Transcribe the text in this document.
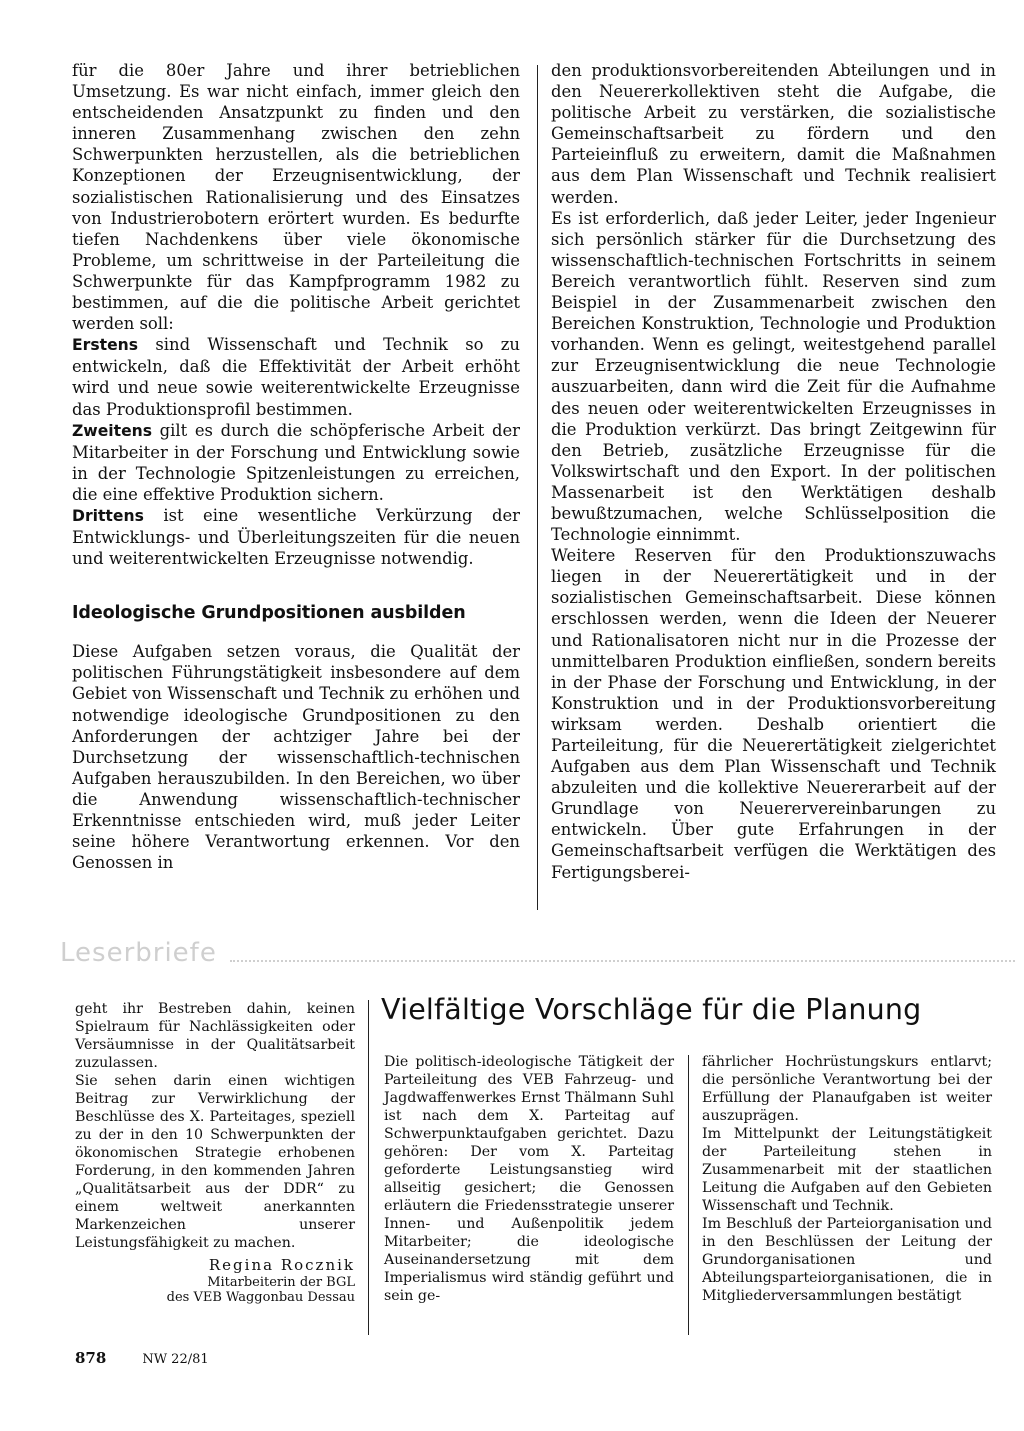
für die 80er Jahre und ihrer betrieblichen Umsetzung. Es war nicht einfach, immer gleich den entscheidenden Ansatzpunkt zu finden und den inneren Zusammenhang zwischen den zehn Schwerpunkten herzustellen, als die betrieblichen Konzeptionen der Erzeugnisentwicklung, der sozialistischen Rationalisierung und des Einsatzes von Industrierobotern erörtert wurden. Es bedurfte tiefen Nachdenkens über viele ökonomische Probleme, um schrittweise in der Parteileitung die Schwerpunkte für das Kampfprogramm 1982 zu bestimmen, auf die die politische Arbeit gerichtet werden soll:

Erstens sind Wissenschaft und Technik so zu entwickeln, daß die Effektivität der Arbeit erhöht wird und neue sowie weiterentwickelte Erzeugnisse das Produktionsprofil bestimmen.

Zweitens gilt es durch die schöpferische Arbeit der Mitarbeiter in der Forschung und Entwicklung sowie in der Technologie Spitzenleistungen zu erreichen, die eine effektive Produktion sichern.

Drittens ist eine wesentliche Verkürzung der Entwicklungs- und Überleitungszeiten für die neuen und weiterentwickelten Erzeugnisse notwendig.

Ideologische Grundpositionen ausbilden

Diese Aufgaben setzen voraus, die Qualität der politischen Führungstätigkeit insbesondere auf dem Gebiet von Wissenschaft und Technik zu erhöhen und notwendige ideologische Grundpositionen zu den Anforderungen der achtziger Jahre bei der Durchsetzung der wissenschaftlich-technischen Aufgaben herauszubilden. In den Bereichen, wo über die Anwendung wissenschaftlich-technischer Erkenntnisse entschieden wird, muß jeder Leiter seine höhere Verantwortung erkennen. Vor den Genossen in

den produktionsvorbereitenden Abteilungen und in den Neuererkollektiven steht die Aufgabe, die politische Arbeit zu verstärken, die sozialistische Gemeinschaftsarbeit zu fördern und den Parteieinfluß zu erweitern, damit die Maßnahmen aus dem Plan Wissenschaft und Technik realisiert werden.

Es ist erforderlich, daß jeder Leiter, jeder Ingenieur sich persönlich stärker für die Durchsetzung des wissenschaftlich-technischen Fortschritts in seinem Bereich verantwortlich fühlt. Reserven sind zum Beispiel in der Zusammenarbeit zwischen den Bereichen Konstruktion, Technologie und Produktion vorhanden. Wenn es gelingt, weitestgehend parallel zur Erzeugnisentwicklung die neue Technologie auszuarbeiten, dann wird die Zeit für die Aufnahme des neuen oder weiterentwickelten Erzeugnisses in die Produktion verkürzt. Das bringt Zeitgewinn für den Betrieb, zusätzliche Erzeugnisse für die Volkswirtschaft und den Export. In der politischen Massenarbeit ist den Werktätigen deshalb bewußtzumachen, welche Schlüsselposition die Technologie einnimmt.

Weitere Reserven für den Produktionszuwachs liegen in der Neuerertätigkeit und in der sozialistischen Gemeinschaftsarbeit. Diese können erschlossen werden, wenn die Ideen der Neuerer und Rationalisatoren nicht nur in die Prozesse der unmittelbaren Produktion einfließen, sondern bereits in der Phase der Forschung und Entwicklung, in der Konstruktion und in der Produktionsvorbereitung wirksam werden. Deshalb orientiert die Parteileitung, für die Neuerertätigkeit zielgerichtet Aufgaben aus dem Plan Wissenschaft und Technik abzuleiten und die kollektive Neuererarbeit auf der Grundlage von Neuerervereinbarungen zu entwickeln. Über gute Erfahrungen in der Gemeinschaftsarbeit verfügen die Werktätigen des Fertigungsberei-

Leserbriefe

geht ihr Bestreben dahin, keinen Spielraum für Nachlässigkeiten oder Versäumnisse in der Qualitätsarbeit zuzulassen.

Sie sehen darin einen wichtigen Beitrag zur Verwirklichung der Beschlüsse des X. Parteitages, speziell zu der in den 10 Schwerpunkten der ökonomischen Strategie erhobenen Forderung, in den kommenden Jahren „Qualitätsarbeit aus der DDR“ zu einem weltweit anerkannten Markenzeichen unserer Leistungsfähigkeit zu machen.

Regina Rocznik
Mitarbeiterin der BGL
des VEB Waggonbau Dessau
Vielfältige Vorschläge für die Planung

Die politisch-ideologische Tätigkeit der Parteileitung des VEB Fahrzeug- und Jagdwaffenwerkes Ernst Thälmann Suhl ist nach dem X. Parteitag auf Schwerpunktaufgaben gerichtet. Dazu gehören: Der vom X. Parteitag geforderte Leistungsanstieg wird allseitig gesichert; die Genossen erläutern die Friedensstrategie unserer Innen- und Außenpolitik jedem Mitarbeiter; die ideologische Auseinandersetzung mit dem Imperialismus wird ständig geführt und sein ge-

fährlicher Hochrüstungskurs entlarvt; die persönliche Verantwortung bei der Erfüllung der Planaufgaben ist weiter auszuprägen.

Im Mittelpunkt der Leitungstätigkeit der Parteileitung stehen in Zusammenarbeit mit der staatlichen Leitung die Aufgaben auf den Gebieten Wissenschaft und Technik.

Im Beschluß der Parteiorganisation und in den Beschlüssen der Leitung der Grundorganisationen und Abteilungsparteiorganisationen, die in Mitgliederversammlungen bestätigt

878	NW 22/81
